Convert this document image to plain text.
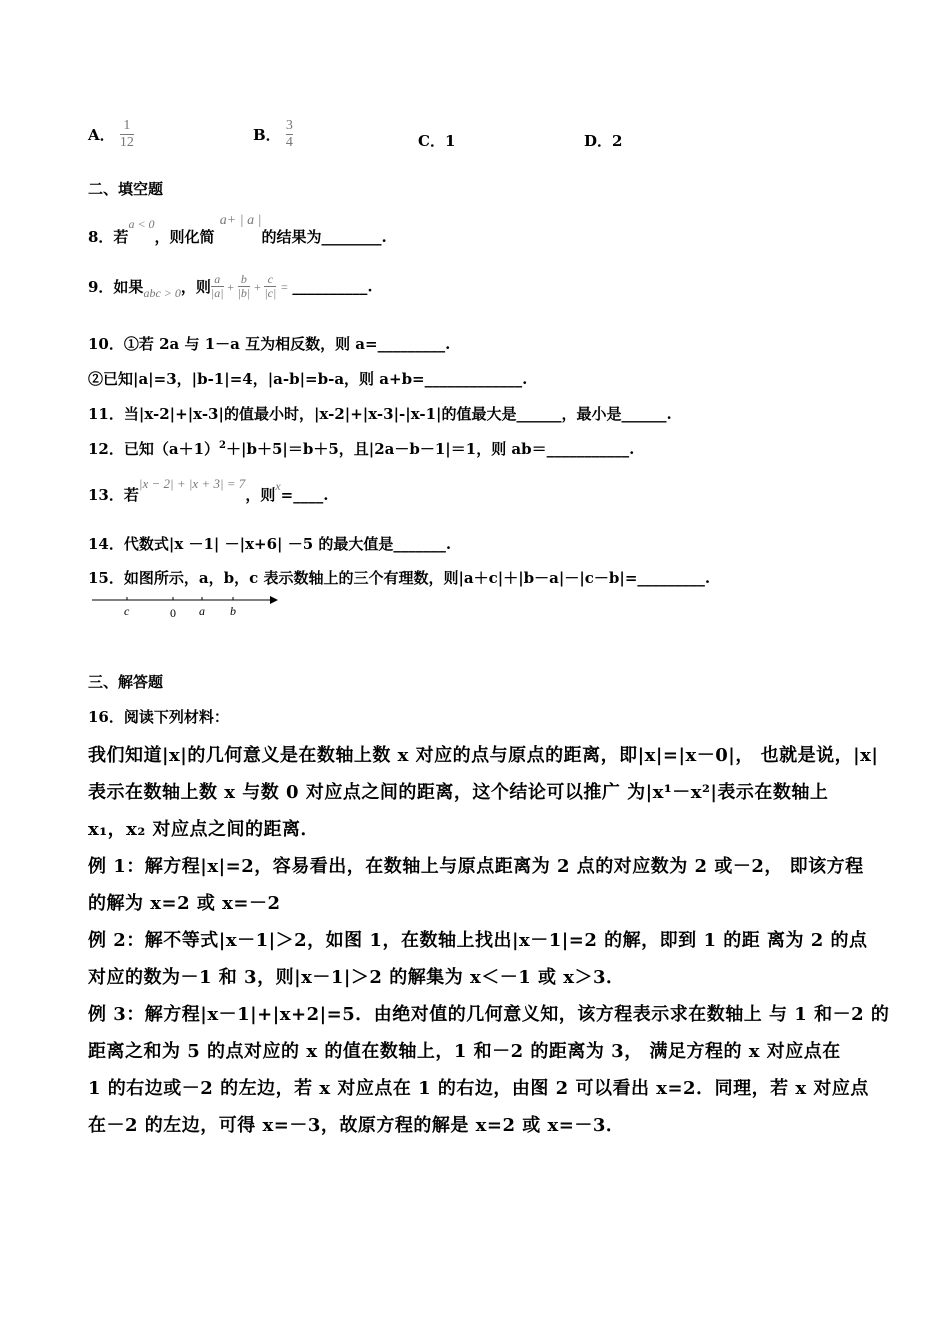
A． $\frac{1}{12}$	B． $\frac{3}{4}$	C．1	D．2
二、填空题
8．若a < 0，则化简 a+ | a |的结果为________.
9．如果$_{abc > 0}$，则 $\frac{a}{|a|} + \frac{b}{|b|} + \frac{c}{|c|}$ = __________.
10．①若 2a 与 1－a 互为相反数，则 a=_________.
②已知|a|=3，|b-1|=4，|a-b|=b-a，则 a+b=_____________.
11．当|x-2|+|x-3|的值最小时，|x-2|+|x-3|-|x-1|的值最大是______，最小是______.
12．已知$(a+1)^2+|b+5|=b+5$，且|2a－b－1|＝1，则 ab＝___________.
13．若|x − 2| + |x + 3| = 7，则x=____.
14．代数式|x －1| －|x+6| －5 的最大值是_______.
15．如图所示，a，b，c 表示数轴上的三个有理数，则|a＋c|＋|b－a|－|c－b|=_________.
c	0 a b
三、解答题
16．阅读下列材料：
我们知道|x|的几何意义是在数轴上数 x 对应的点与原点的距离，即|x|=|x－0|， 也就是说，|x|
表示在数轴上数 x 与数 0 对应点之间的距离，这个结论可以推广 为|x¹－x²|表示在数轴上
x₁，x₂ 对应点之间的距离．
例 1：解方程|x|=2，容易看出，在数轴上与原点距离为 2 点的对应数为 2 或－2， 即该方程
的解为 x=2 或 x=－2
例 2：解不等式|x－1|＞2，如图 1，在数轴上找出|x－1|=2 的解，即到 1 的距 离为 2 的点
对应的数为－1 和 3，则|x－1|＞2 的解集为 x＜－1 或 x＞3．
例 3：解方程|x－1|+|x+2|=5．由绝对值的几何意义知，该方程表示求在数轴上 与 1 和－2 的
距离之和为 5 的点对应的 x 的值在数轴上，1 和－2 的距离为 3， 满足方程的 x 对应点在
1 的右边或－2 的左边，若 x 对应点在 1 的右边，由图 2 可以看出 x=2．同理，若 x 对应点
在－2 的左边，可得 x=－3，故原方程的解是 x=2 或 x=－3．
